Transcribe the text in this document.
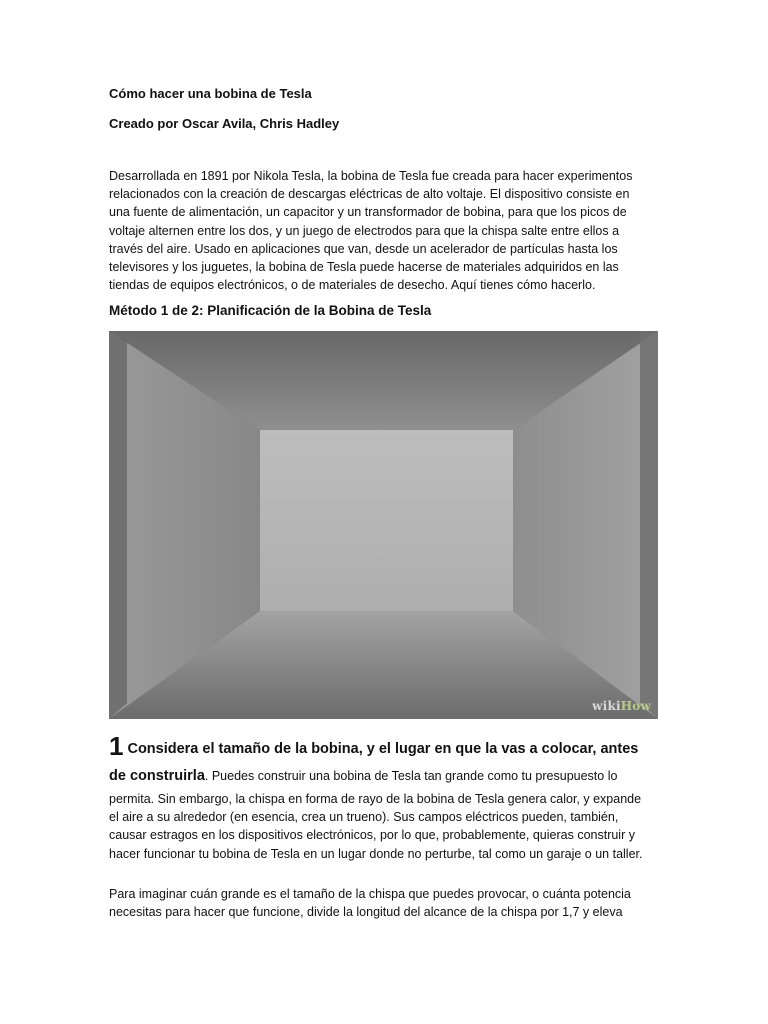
Cómo hacer una bobina de Tesla

Creado por Oscar Avila, Chris Hadley

Desarrollada en 1891 por Nikola Tesla, la bobina de Tesla fue creada para hacer experimentos relacionados con la creación de descargas eléctricas de alto voltaje. El dispositivo consiste en una fuente de alimentación, un capacitor y un transformador de bobina, para que los picos de voltaje alternen entre los dos, y un juego de electrodos para que la chispa salte entre ellos a través del aire. Usado en aplicaciones que van, desde un acelerador de partículas hasta los televisores y los juguetes, la bobina de Tesla puede hacerse de materiales adquiridos en las tiendas de equipos electrónicos, o de materiales de desecho. Aquí tienes cómo hacerlo.

Método 1 de 2: Planificación de la Bobina de Tesla

wikiHow

1 Considera el tamaño de la bobina, y el lugar en que la vas a colocar, antes de construirla. Puedes construir una bobina de Tesla tan grande como tu presupuesto lo permita. Sin embargo, la chispa en forma de rayo de la bobina de Tesla genera calor, y expande el aire a su alrededor (en esencia, crea un trueno). Sus campos eléctricos pueden, también, causar estragos en los dispositivos electrónicos, por lo que, probablemente, quieras construir y hacer funcionar tu bobina de Tesla en un lugar donde no perturbe, tal como un garaje o un taller.

Para imaginar cuán grande es el tamaño de la chispa que puedes provocar, o cuánta potencia necesitas para hacer que funcione, divide la longitud del alcance de la chispa por 1,7 y eleva
